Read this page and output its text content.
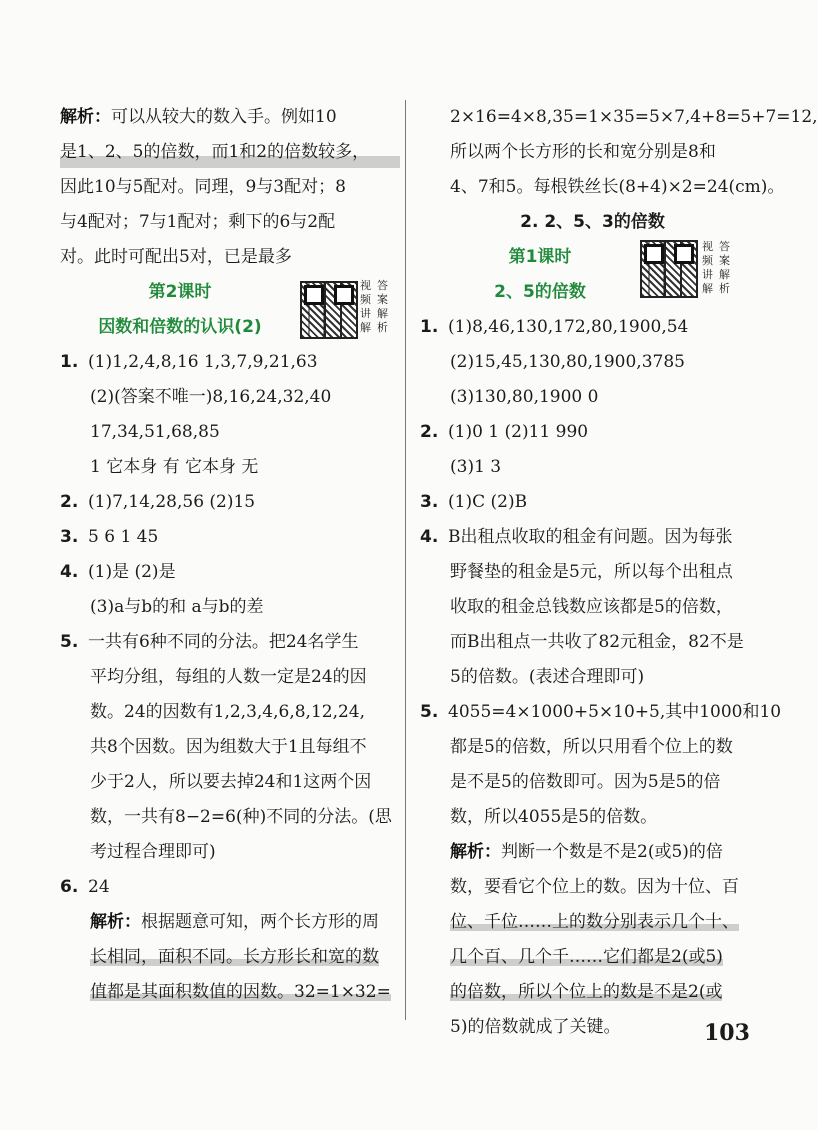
解析：可以从较大的数入手。例如10
是1、2、5的倍数，而1和2的倍数较多，
因此10与5配对。同理，9与3配对；8
与4配对；7与1配对；剩下的6与2配
对。此时可配出5对，已是最多
第2课时
因数和倍数的认识(2)
视
频
讲
解
答
案
解
析
1. (1)1,2,4,8,16 1,3,7,9,21,63
(2)(答案不唯一)8,16,24,32,40
17,34,51,68,85
1 它本身 有 它本身 无
2. (1)7,14,28,56 (2)15
3. 5 6 1 45
4. (1)是 (2)是
(3)a与b的和 a与b的差
5. 一共有6种不同的分法。把24名学生
平均分组，每组的人数一定是24的因
数。24的因数有1,2,3,4,6,8,12,24,
共8个因数。因为组数大于1且每组不
少于2人，所以要去掉24和1这两个因
数，一共有8−2=6(种)不同的分法。(思
考过程合理即可)
6. 24
解析：根据题意可知，两个长方形的周
长相同，面积不同。长方形长和宽的数
值都是其面积数值的因数。32=1×32=
2×16=4×8,35=1×35=5×7,4+8=5+7=12,
所以两个长方形的长和宽分别是8和
4、7和5。每根铁丝长(8+4)×2=24(cm)。
2. 2、5、3的倍数
第1课时
2、5的倍数
视
频
讲
解
答
案
解
析
1. (1)8,46,130,172,80,1900,54
(2)15,45,130,80,1900,3785
(3)130,80,1900 0
2. (1)0 1 (2)11 990
(3)1 3
3. (1)C (2)B
4. B出租点收取的租金有问题。因为每张
野餐垫的租金是5元，所以每个出租点
收取的租金总钱数应该都是5的倍数，
而B出租点一共收了82元租金，82不是
5的倍数。(表述合理即可)
5. 4055=4×1000+5×10+5,其中1000和10
都是5的倍数，所以只用看个位上的数
是不是5的倍数即可。因为5是5的倍
数，所以4055是5的倍数。
解析：判断一个数是不是2(或5)的倍
数，要看它个位上的数。因为十位、百
位、千位……上的数分别表示几个十、
几个百、几个千……它们都是2(或5)
的倍数，所以个位上的数是不是2(或
5)的倍数就成了关键。	103
